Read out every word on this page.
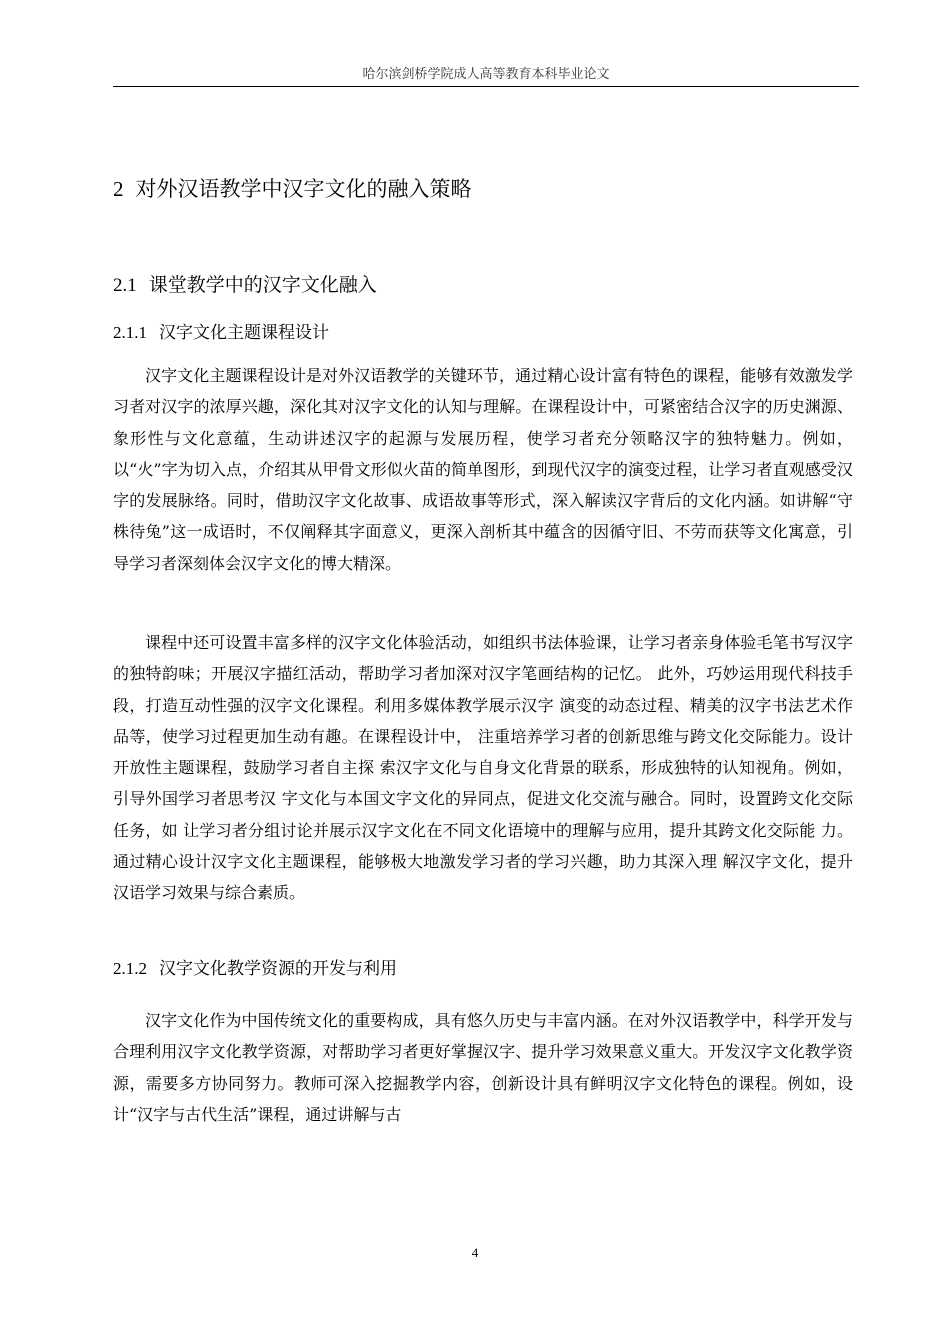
哈尔滨剑桥学院成人高等教育本科毕业论文
2 对外汉语教学中汉字文化的融入策略
2.1 课堂教学中的汉字文化融入
2.1.1 汉字文化主题课程设计

汉字文化主题课程设计是对外汉语教学的关键环节，通过精心设计富有特色的课程，能够有效激发学习者对汉字的浓厚兴趣，深化其对汉字文化的认知与理解。在课程设计中，可紧密结合汉字的历史渊源、象形性与文化意蕴，生动讲述汉字的起源与发展历程，使学习者充分领略汉字的独特魅力。例如，以“火”字为切入点，介绍其从甲骨文形似火苗的简单图形，到现代汉字的演变过程，让学习者直观感受汉字的发展脉络。同时，借助汉字文化故事、成语故事等形式，深入解读汉字背后的文化内涵。如讲解“守株待兔”这一成语时，不仅阐释其字面意义，更深入剖析其中蕴含的因循守旧、不劳而获等文化寓意，引导学习者深刻体会汉字文化的博大精深。

课程中还可设置丰富多样的汉字文化体验活动，如组织书法体验课，让学习者亲身体验毛笔书写汉字的独特韵味；开展汉字描红活动，帮助学习者加深对汉字笔画结构的记忆。 此外，巧妙运用现代科技手段，打造互动性强的汉字文化课程。利用多媒体教学展示汉字 演变的动态过程、精美的汉字书法艺术作品等，使学习过程更加生动有趣。在课程设计中， 注重培养学习者的创新思维与跨文化交际能力。设计开放性主题课程，鼓励学习者自主探 索汉字文化与自身文化背景的联系，形成独特的认知视角。例如，引导外国学习者思考汉 字文化与本国文字文化的异同点，促进文化交流与融合。同时，设置跨文化交际任务，如 让学习者分组讨论并展示汉字文化在不同文化语境中的理解与应用，提升其跨文化交际能 力。通过精心设计汉字文化主题课程，能够极大地激发学习者的学习兴趣，助力其深入理 解汉字文化，提升汉语学习效果与综合素质。

2.1.2 汉字文化教学资源的开发与利用

汉字文化作为中国传统文化的重要构成，具有悠久历史与丰富内涵。在对外汉语教学中，科学开发与合理利用汉字文化教学资源，对帮助学习者更好掌握汉字、提升学习效果意义重大。开发汉字文化教学资源，需要多方协同努力。教师可深入挖掘教学内容，创新设计具有鲜明汉字文化特色的课程。例如，设计“汉字与古代生活”课程，通过讲解与古

4
